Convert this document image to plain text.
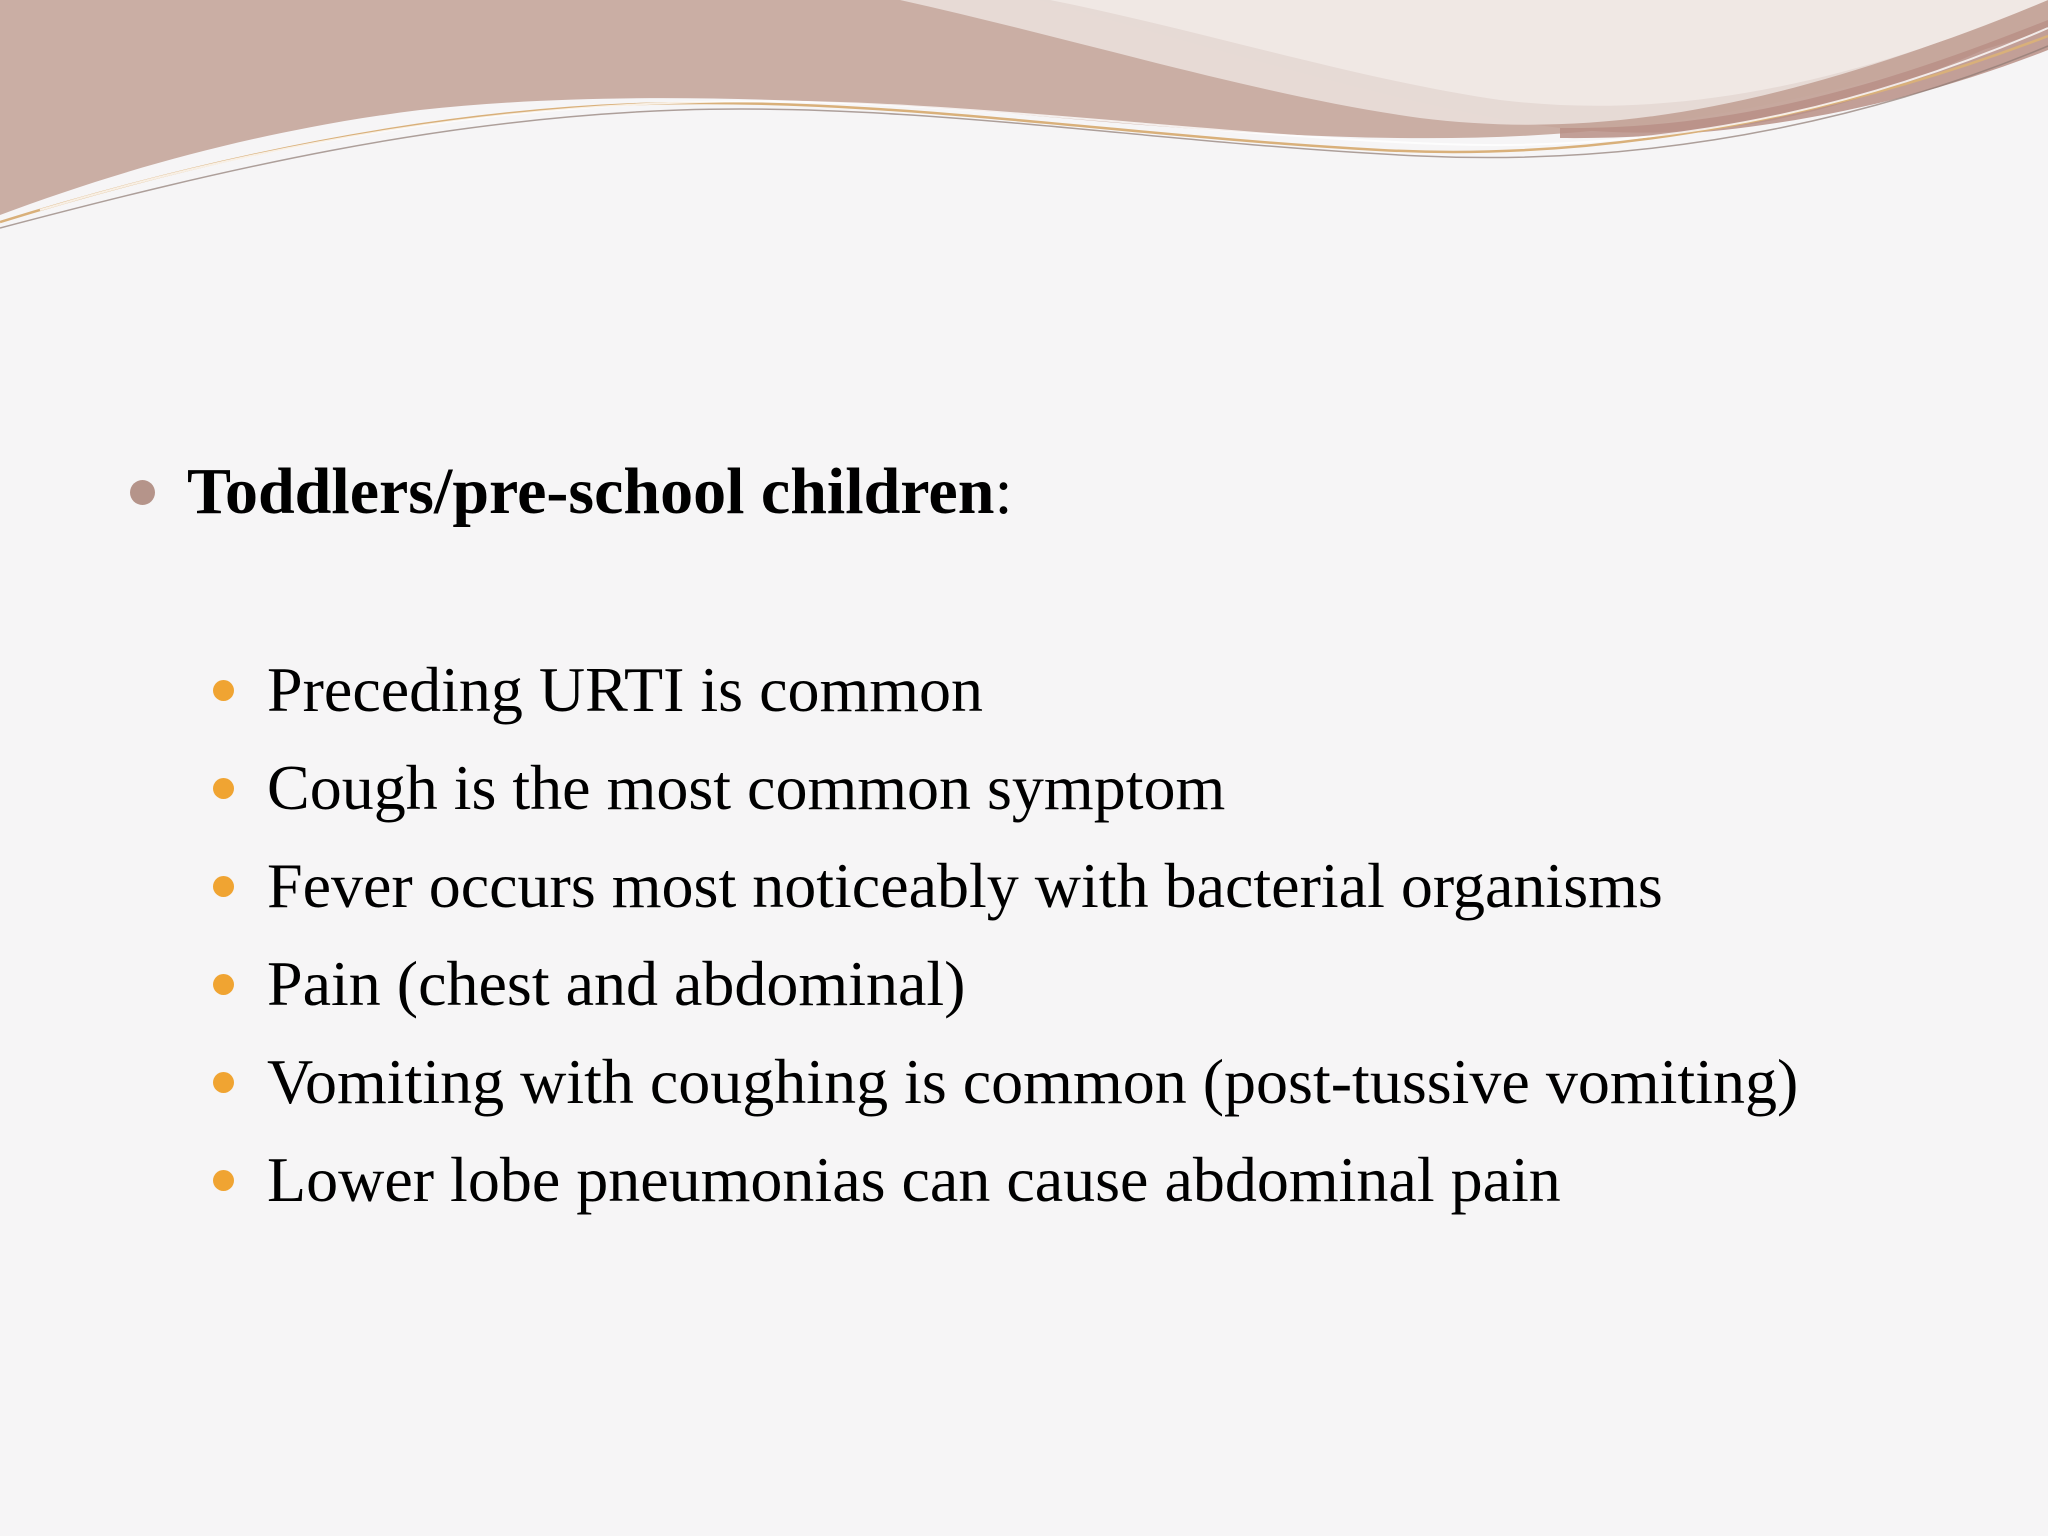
Toddlers/pre-school children:
Preceding URTI is common
Cough is the most common symptom
Fever occurs most noticeably with bacterial organisms
Pain (chest and abdominal)
Vomiting with coughing is common (post-tussive vomiting)
Lower lobe pneumonias can cause abdominal pain
